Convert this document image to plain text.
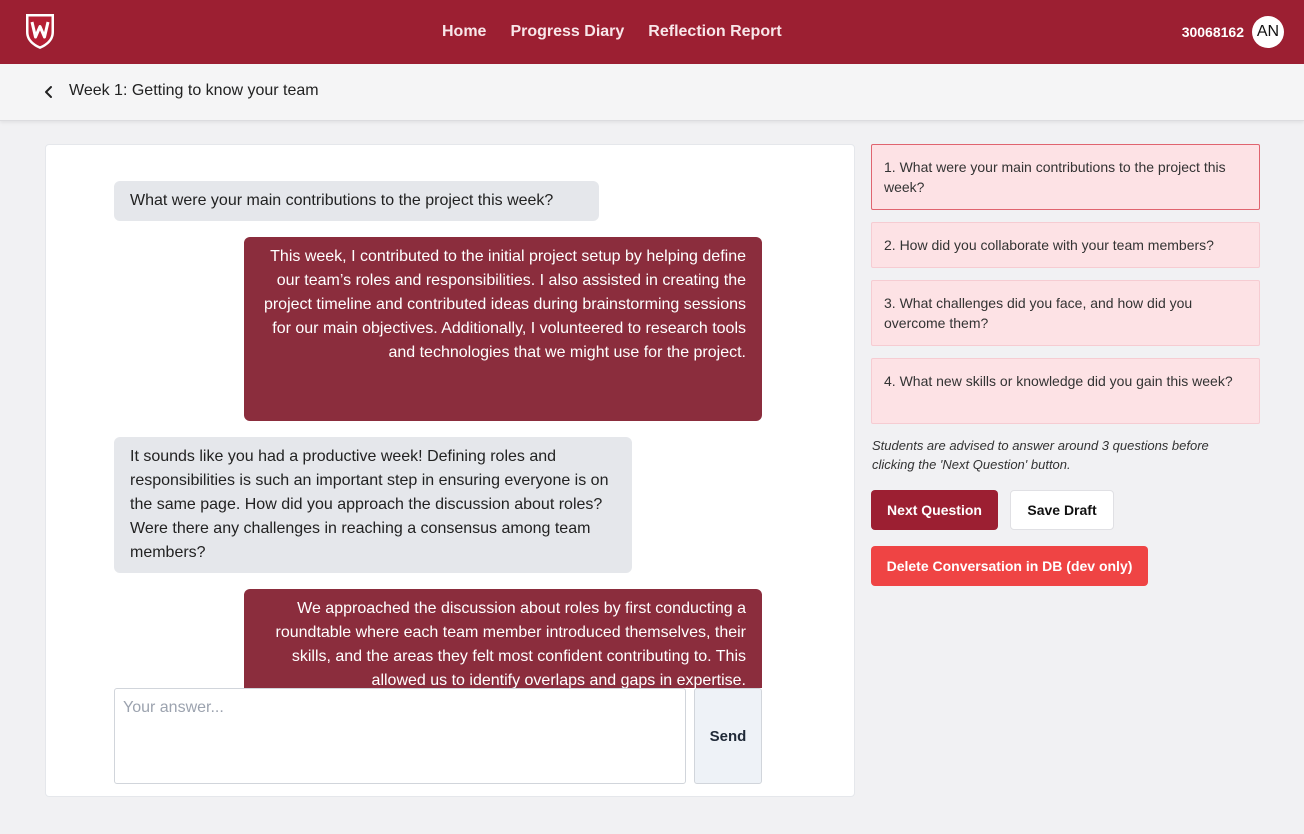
Home Progress Diary Reflection Report	30068162 AN
Week 1: Getting to know your team
What were your main contributions to the project this week?
This week, I contributed to the initial project setup by helping define our team’s roles and responsibilities. I also assisted in creating the project timeline and contributed ideas during brainstorming sessions for our main objectives. Additionally, I volunteered to research tools and technologies that we might use for the project.
It sounds like you had a productive week! Defining roles and responsibilities is such an important step in ensuring everyone is on the same page. How did you approach the discussion about roles? Were there any challenges in reaching a consensus among team members?
We approached the discussion about roles by first conducting a roundtable where each team member introduced themselves, their skills, and the areas they felt most confident contributing to. This allowed us to identify overlaps and gaps in expertise.
Your answer...
Send
1. What were your main contributions to the project this week?
2. How did you collaborate with your team members?
3. What challenges did you face, and how did you overcome them?
4. What new skills or knowledge did you gain this week?
Students are advised to answer around 3 questions before clicking the 'Next Question' button.
Next Question	Save Draft
Delete Conversation in DB (dev only)
